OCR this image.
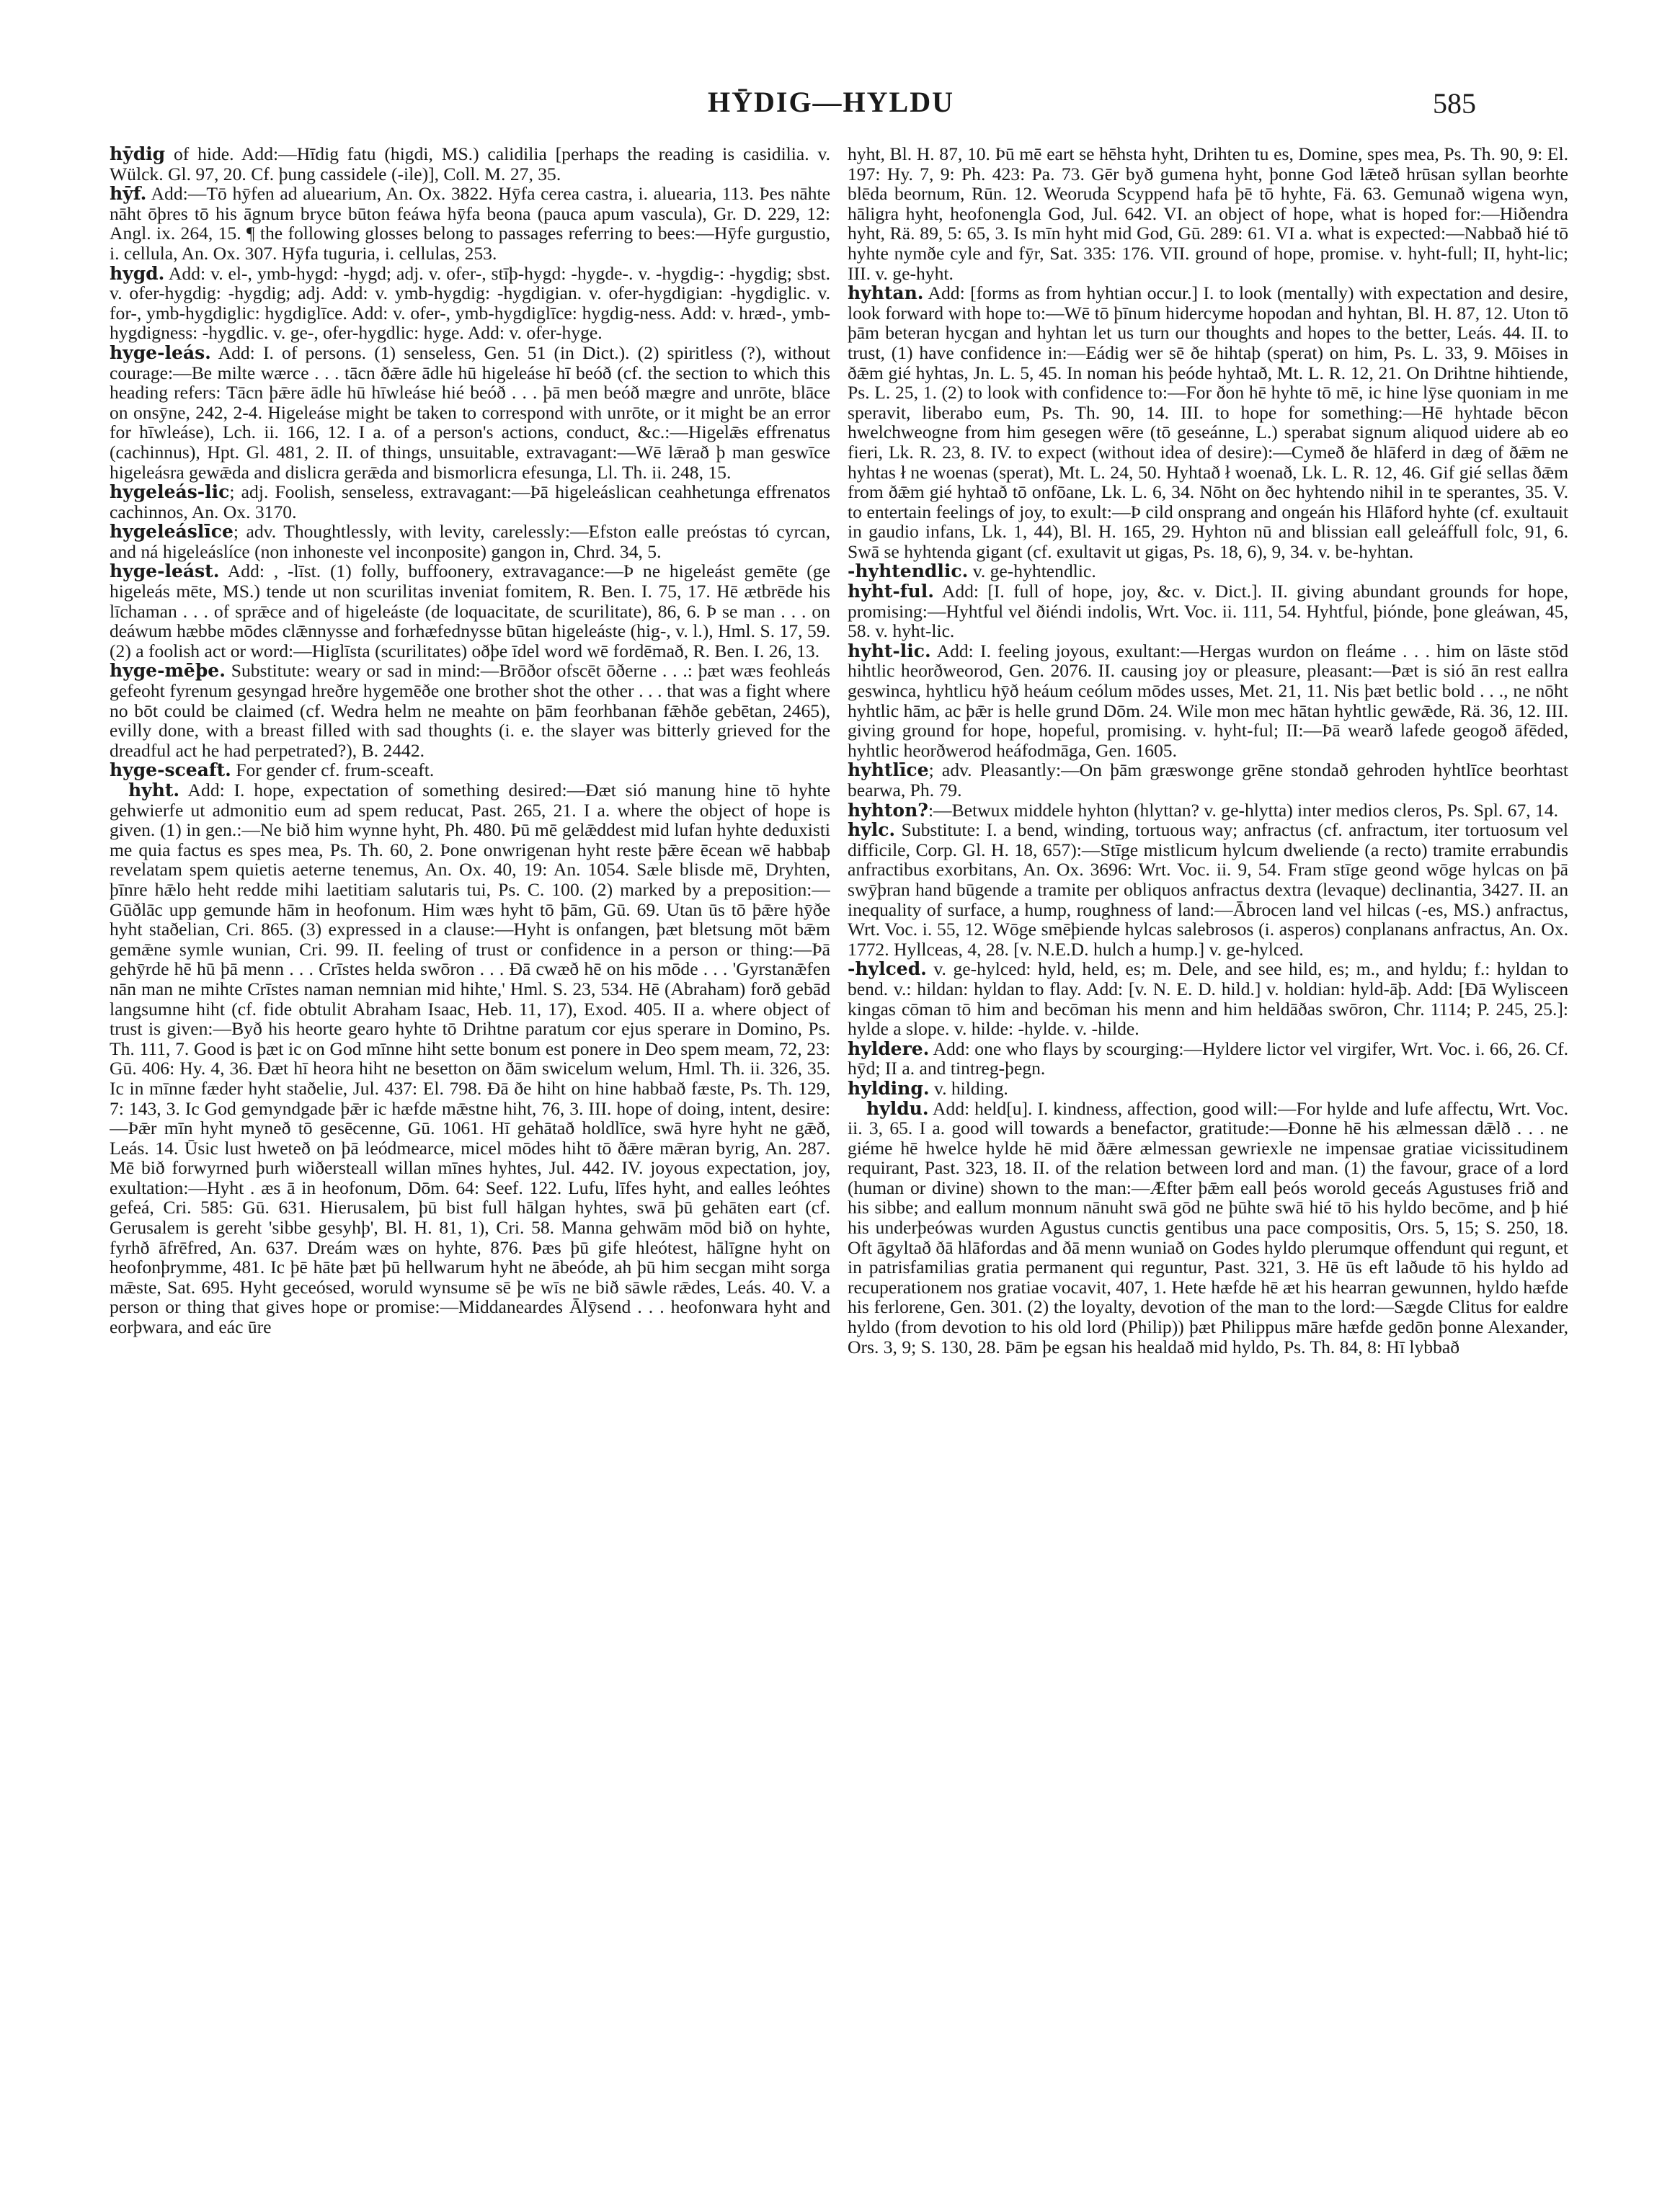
HȲDIG—HYLDU	585

hȳdig of hide. Add:—Hīdig fatu (higdi, MS.) calidilia [perhaps the reading is casidilia. v. Wülck. Gl. 97, 20. Cf. þung cassidele (-ile)], Coll. M. 27, 35.

hȳf. Add:—Tō hȳfen ad aluearium, An. Ox. 3822. Hȳfa cerea castra, i. aluearia, 113. Þes nāhte nāht ōþres tō his āgnum bryce būton feáwa hȳfa beona (pauca apum vascula), Gr. D. 229, 12: Angl. ix. 264, 15. ¶ the following glosses belong to passages referring to bees:—Hȳfe gurgustio, i. cellula, An. Ox. 307. Hȳfa tuguria, i. cellulas, 253.

hygd. Add: v. el-, ymb-hygd: -hygd; adj. v. ofer-, stīþ-hygd: -hygde-. v. -hygdig-: -hygdig; sbst. v. ofer-hygdig: -hygdig; adj. Add: v. ymb-hygdig: -hygdigian. v. ofer-hygdigian: -hygdiglic. v. for-, ymb-hygdiglic: hygdiglīce. Add: v. ofer-, ymb-hygdiglīce: hygdig-ness. Add: v. hræd-, ymb-hygdigness: -hygdlic. v. ge-, ofer-hygdlic: hyge. Add: v. ofer-hyge.

hyge-leás. Add: I. of persons. (1) senseless, Gen. 51 (in Dict.). (2) spiritless (?), without courage:—Be milte wærce . . . tācn ðǣre ādle hū higeleáse hī beóð (cf. the section to which this heading refers: Tācn þǣre ādle hū hīwleáse hié beóð . . . þā men beóð mægre and unrōte, blāce on onsȳne, 242, 2-4. Higeleáse might be taken to correspond with unrōte, or it might be an error for hīwleáse), Lch. ii. 166, 12. I a. of a person's actions, conduct, &c.:—Higelǣs effrenatus (cachinnus), Hpt. Gl. 481, 2. II. of things, unsuitable, extravagant:—Wē lǣrað þ man geswīce higeleásra gewǣda and dislicra gerǣda and bismorlicra efesunga, Ll. Th. ii. 248, 15.

hygeleás-lic; adj. Foolish, senseless, extravagant:—Þā higeleáslican ceahhetunga effrenatos cachinnos, An. Ox. 3170.

hygeleáslīce; adv. Thoughtlessly, with levity, carelessly:—Efston ealle preóstas tó cyrcan, and ná higeleáslíce (non inhoneste vel inconposite) gangon in, Chrd. 34, 5.

hyge-leást. Add: , -līst. (1) folly, buffoonery, extravagance:—Þ ne higeleást gemēte (ge higeleás mēte, MS.) tende ut non scurilitas inveniat fomitem, R. Ben. I. 75, 17. Hē ætbrēde his līchaman . . . of sprǣce and of higeleáste (de loquacitate, de scurilitate), 86, 6. Þ se man . . . on deáwum hæbbe mōdes clǣnnysse and forhæfednysse būtan higeleáste (hig-, v. l.), Hml. S. 17, 59. (2) a foolish act or word:—Higlīsta (scurilitates) oðþe īdel word wē fordēmað, R. Ben. I. 26, 13.

hyge-mēþe. Substitute: weary or sad in mind:—Brōðor ofscēt ōðerne . . .: þæt wæs feohleás gefeoht fyrenum gesyngad hreðre hygemēðe one brother shot the other . . . that was a fight where no bōt could be claimed (cf. Wedra helm ne meahte on þām feorhbanan fǣhðe gebētan, 2465), evilly done, with a breast filled with sad thoughts (i. e. the slayer was bitterly grieved for the dreadful act he had perpetrated?), B. 2442.

hyge-sceaft. For gender cf. frum-sceaft.

hyht. Add: I. hope, expectation of something desired:—Ðæt sió manung hine tō hyhte gehwierfe ut admonitio eum ad spem reducat, Past. 265, 21. I a. where the object of hope is given. (1) in gen.:—Ne bið him wynne hyht, Ph. 480. Þū mē gelǣddest mid lufan hyhte deduxisti me quia factus es spes mea, Ps. Th. 60, 2. Þone onwrigenan hyht reste þǣre ēcean wē habbaþ revelatam spem quietis aeterne tenemus, An. Ox. 40, 19: An. 1054. Sæle blisde mē, Dryhten, þīnre hǣlo heht redde mihi laetitiam salutaris tui, Ps. C. 100. (2) marked by a preposition:—Gūðlāc upp gemunde hām in heofonum. Him wæs hyht tō þām, Gū. 69. Utan ūs tō þǣre hȳðe hyht staðelian, Cri. 865. (3) expressed in a clause:—Hyht is onfangen, þæt bletsung mōt bǣm gemǣne symle wunian, Cri. 99. II. feeling of trust or confidence in a person or thing:—Þā gehȳrde hē hū þā menn . . . Crīstes helda swōron . . . Ðā cwæð hē on his mōde . . . 'Gyrstanǣfen nān man ne mihte Crīstes naman nemnian mid hihte,' Hml. S. 23, 534. Hē (Abraham) forð gebād langsumne hiht (cf. fide obtulit Abraham Isaac, Heb. 11, 17), Exod. 405. II a. where object of trust is given:—Byð his heorte gearo hyhte tō Drihtne paratum cor ejus sperare in Domino, Ps. Th. 111, 7. Good is þæt ic on God mīnne hiht sette bonum est ponere in Deo spem meam, 72, 23: Gū. 406: Hy. 4, 36. Ðæt hī heora hiht ne besetton on ðām swicelum welum, Hml. Th. ii. 326, 35. Ic in mīnne fæder hyht staðelie, Jul. 437: El. 798. Ðā ðe hiht on hine habbað fæste, Ps. Th. 129, 7: 143, 3. Ic God gemyndgade þǣr ic hæfde mǣstne hiht, 76, 3. III. hope of doing, intent, desire:—Þǣr mīn hyht myneð tō gesēcenne, Gū. 1061. Hī gehātað holdlīce, swā hyre hyht ne gǣð, Leás. 14. Ūsic lust hweteð on þā leódmearce, micel mōdes hiht tō ðǣre mǣran byrig, An. 287. Mē bið forwyrned þurh wiðersteall willan mīnes hyhtes, Jul. 442. IV. joyous expectation, joy, exultation:—Hyht . æs ā in heofonum, Dōm. 64: Seef. 122. Lufu, līfes hyht, and ealles leóhtes gefeá, Cri. 585: Gū. 631. Hierusalem, þū bist full hālgan hyhtes, swā þū gehāten eart (cf. Gerusalem is gereht 'sibbe gesyhþ', Bl. H. 81, 1), Cri. 58. Manna gehwām mōd bið on hyhte, fyrhð āfrēfred, An. 637. Dreám wæs on hyhte, 876. Þæs þū gife hleótest, hālīgne hyht on heofonþrymme, 481. Ic þē hāte þæt þū hellwarum hyht ne ābeóde, ah þū him secgan miht sorga mǣste, Sat. 695. Hyht geceósed, woruld wynsume sē þe wīs ne bið sāwle rǣdes, Leás. 40. V. a person or thing that gives hope or promise:—Middaneardes Ālȳsend . . . heofonwara hyht and eorþwara, and eác ūre

hyht, Bl. H. 87, 10. Þū mē eart se hēhsta hyht, Drihten tu es, Domine, spes mea, Ps. Th. 90, 9: El. 197: Hy. 7, 9: Ph. 423: Pa. 73. Gēr byð gumena hyht, þonne God lǣteð hrūsan syllan beorhte blēda beornum, Rūn. 12. Weoruda Scyppend hafa þē tō hyhte, Fä. 63. Gemunað wigena wyn, hāligra hyht, heofonengla God, Jul. 642. VI. an object of hope, what is hoped for:—Hiðendra hyht, Rä. 89, 5: 65, 3. Is mīn hyht mid God, Gū. 289: 61. VI a. what is expected:—Nabbað hié tō hyhte nymðe cyle and fȳr, Sat. 335: 176. VII. ground of hope, promise. v. hyht-full; II, hyht-lic; III. v. ge-hyht.

hyhtan. Add: [forms as from hyhtian occur.] I. to look (mentally) with expectation and desire, look forward with hope to:—Wē tō þīnum hidercyme hopodan and hyhtan, Bl. H. 87, 12. Uton tō þām beteran hycgan and hyhtan let us turn our thoughts and hopes to the better, Leás. 44. II. to trust, (1) have confidence in:—Eádig wer sē ðe hihtaþ (sperat) on him, Ps. L. 33, 9. Mōises in ðǣm gié hyhtas, Jn. L. 5, 45. In noman his þeóde hyhtað, Mt. L. R. 12, 21. On Drihtne hihtiende, Ps. L. 25, 1. (2) to look with confidence to:—For ðon hē hyhte tō mē, ic hine lȳse quoniam in me speravit, liberabo eum, Ps. Th. 90, 14. III. to hope for something:—Hē hyhtade bēcon hwelchweogne from him gesegen wēre (tō geseánne, L.) sperabat signum aliquod uidere ab eo fieri, Lk. R. 23, 8. IV. to expect (without idea of desire):—Cymeð ðe hlāferd in dæg of ðǣm ne hyhtas ł ne woenas (sperat), Mt. L. 24, 50. Hyhtað ł woenað, Lk. L. R. 12, 46. Gif gié sellas ðǣm from ðǣm gié hyhtað tō onfōane, Lk. L. 6, 34. Nōht on ðec hyhtendo nihil in te sperantes, 35. V. to entertain feelings of joy, to exult:—Þ cild onsprang and ongeán his Hlāford hyhte (cf. exultauit in gaudio infans, Lk. 1, 44), Bl. H. 165, 29. Hyhton nū and blissian eall geleáffull folc, 91, 6. Swā se hyhtenda gigant (cf. exultavit ut gigas, Ps. 18, 6), 9, 34. v. be-hyhtan.

-hyhtendlic. v. ge-hyhtendlic.

hyht-ful. Add: [I. full of hope, joy, &c. v. Dict.]. II. giving abundant grounds for hope, promising:—Hyhtful vel ðiéndi indolis, Wrt. Voc. ii. 111, 54. Hyhtful, þiónde, þone gleáwan, 45, 58. v. hyht-lic.

hyht-lic. Add: I. feeling joyous, exultant:—Hergas wurdon on fleáme . . . him on lāste stōd hihtlic heorðweorod, Gen. 2076. II. causing joy or pleasure, pleasant:—Þæt is sió ān rest eallra geswinca, hyhtlicu hȳð heáum ceólum mōdes usses, Met. 21, 11. Nis þæt betlic bold . . ., ne nōht hyhtlic hām, ac þǣr is helle grund Dōm. 24. Wile mon mec hātan hyhtlic gewǣde, Rä. 36, 12. III. giving ground for hope, hopeful, promising. v. hyht-ful; II:—Þā wearð lafede geogoð āfēded, hyhtlic heorðwerod heáfodmāga, Gen. 1605.

hyhtlīce; adv. Pleasantly:—On þām græswonge grēne stondað gehroden hyhtlīce beorhtast bearwa, Ph. 79.

hyhton?:—Betwux middele hyhton (hlyttan? v. ge-hlytta) inter medios cleros, Ps. Spl. 67, 14.

hylc. Substitute: I. a bend, winding, tortuous way; anfractus (cf. anfractum, iter tortuosum vel difficile, Corp. Gl. H. 18, 657):—Stīge mistlicum hylcum dweliende (a recto) tramite errabundis anfractibus exorbitans, An. Ox. 3696: Wrt. Voc. ii. 9, 54. Fram stīge geond wōge hylcas on þā swȳþran hand būgende a tramite per obliquos anfractus dextra (levaque) declinantia, 3427. II. an inequality of surface, a hump, roughness of land:—Ābrocen land vel hilcas (-es, MS.) anfractus, Wrt. Voc. i. 55, 12. Wōge smēþiende hylcas salebrosos (i. asperos) conplanans anfractus, An. Ox. 1772. Hyllceas, 4, 28. [v. N.E.D. hulch a hump.] v. ge-hylced.

-hylced. v. ge-hylced: hyld, held, es; m. Dele, and see hild, es; m., and hyldu; f.: hyldan to bend. v.: hildan: hyldan to flay. Add: [v. N. E. D. hild.] v. holdian: hyld-āþ. Add: [Ðā Wylisceen kingas cōman tō him and becōman his menn and him heldāðas swōron, Chr. 1114; P. 245, 25.]: hylde a slope. v. hilde: -hylde. v. -hilde.

hyldere. Add: one who flays by scourging:—Hyldere lictor vel virgifer, Wrt. Voc. i. 66, 26. Cf. hȳd; II a. and tintreg-þegn.

hylding. v. hilding.

hyldu. Add: held[u]. I. kindness, affection, good will:—For hylde and lufe affectu, Wrt. Voc. ii. 3, 65. I a. good will towards a benefactor, gratitude:—Ðonne hē his ælmessan dǣlð . . . ne giéme hē hwelce hylde hē mid ðǣre ælmessan gewriexle ne impensae gratiae vicissitudinem requirant, Past. 323, 18. II. of the relation between lord and man. (1) the favour, grace of a lord (human or divine) shown to the man:—Æfter þǣm eall þeós worold geceás Agustuses frið and his sibbe; and eallum monnum nānuht swā gōd ne þūhte swā hié tō his hyldo becōme, and þ hié his underþeówas wurden Agustus cunctis gentibus una pace compositis, Ors. 5, 15; S. 250, 18. Oft āgyltað ðā hlāfordas and ðā menn wuniað on Godes hyldo plerumque offendunt qui regunt, et in patrisfamilias gratia permanent qui reguntur, Past. 321, 3. Hē ūs eft laðude tō his hyldo ad recuperationem nos gratiae vocavit, 407, 1. Hete hæfde hē æt his hearran gewunnen, hyldo hæfde his ferlorene, Gen. 301. (2) the loyalty, devotion of the man to the lord:—Sægde Clitus for ealdre hyldo (from devotion to his old lord (Philip)) þæt Philippus māre hæfde gedōn þonne Alexander, Ors. 3, 9; S. 130, 28. Þām þe egsan his healdað mid hyldo, Ps. Th. 84, 8: Hī lybbað
